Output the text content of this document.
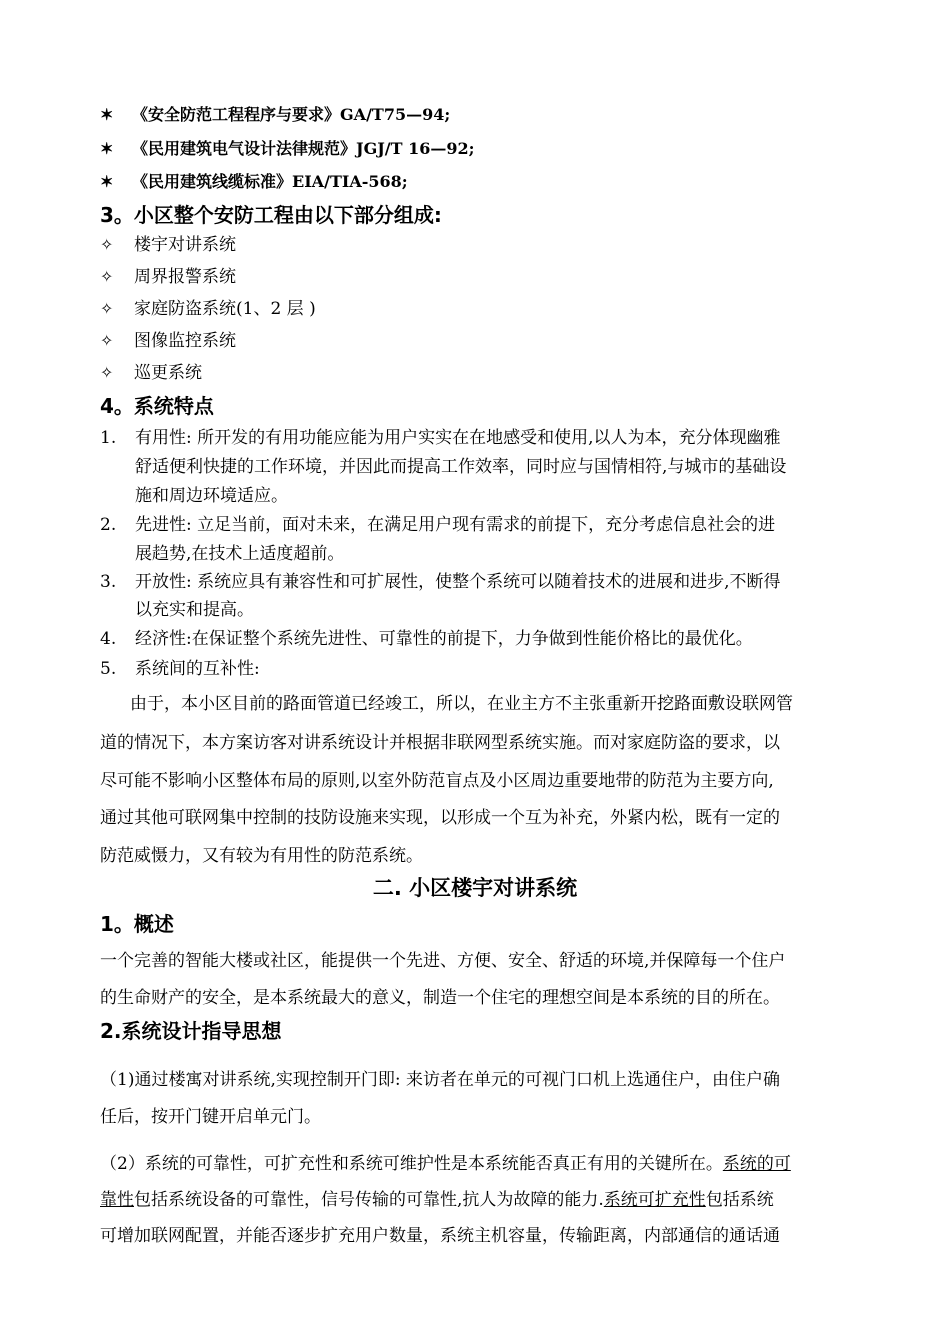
✶ 《安全防范工程程序与要求》GA/T75—94;
✶ 《民用建筑电气设计法律规范》JGJ/T 16—92;
✶ 《民用建筑线缆标准》EIA/TIA-568;
3。小区整个安防工程由以下部分组成:
✧ 楼宇对讲系统
✧ 周界报警系统
✧ 家庭防盗系统(1、2 层 )
✧ 图像监控系统
✧ 巡更系统
4。系统特点
1. 有用性: 所开发的有用功能应能为用户实实在在地感受和使用,以人为本，充分体现幽雅
舒适便利快捷的工作环境，并因此而提高工作效率，同时应与国情相符,与城市的基础设
施和周边环境适应。
2. 先进性: 立足当前，面对未来，在满足用户现有需求的前提下，充分考虑信息社会的进
展趋势,在技术上适度超前。
3. 开放性: 系统应具有兼容性和可扩展性，使整个系统可以随着技术的进展和进步,不断得
以充实和提高。
4. 经济性:在保证整个系统先进性、可靠性的前提下，力争做到性能价格比的最优化。
5. 系统间的互补性:
由于，本小区目前的路面管道已经竣工，所以，在业主方不主张重新开挖路面敷设联网管
道的情况下，本方案访客对讲系统设计并根据非联网型系统实施。而对家庭防盗的要求，以
尽可能不影响小区整体布局的原则,以室外防范盲点及小区周边重要地带的防范为主要方向,
通过其他可联网集中控制的技防设施来实现，以形成一个互为补充，外紧内松，既有一定的
防范威慑力，又有较为有用性的防范系统。
二. 小区楼宇对讲系统
1。概述
一个完善的智能大楼或社区，能提供一个先进、方便、安全、舒适的环境,并保障每一个住户
的生命财产的安全，是本系统最大的意义，制造一个住宅的理想空间是本系统的目的所在。
2.系统设计指导思想
（1)通过楼寓对讲系统,实现控制开门即: 来访者在单元的可视门口机上选通住户，由住户确
任后，按开门键开启单元门。
（2）系统的可靠性，可扩充性和系统可维护性是本系统能否真正有用的关键所在。系统的可
靠性包括系统设备的可靠性，信号传输的可靠性,抗人为故障的能力.系统可扩充性包括系统
可增加联网配置，并能否逐步扩充用户数量，系统主机容量，传输距离，内部通信的通话通
